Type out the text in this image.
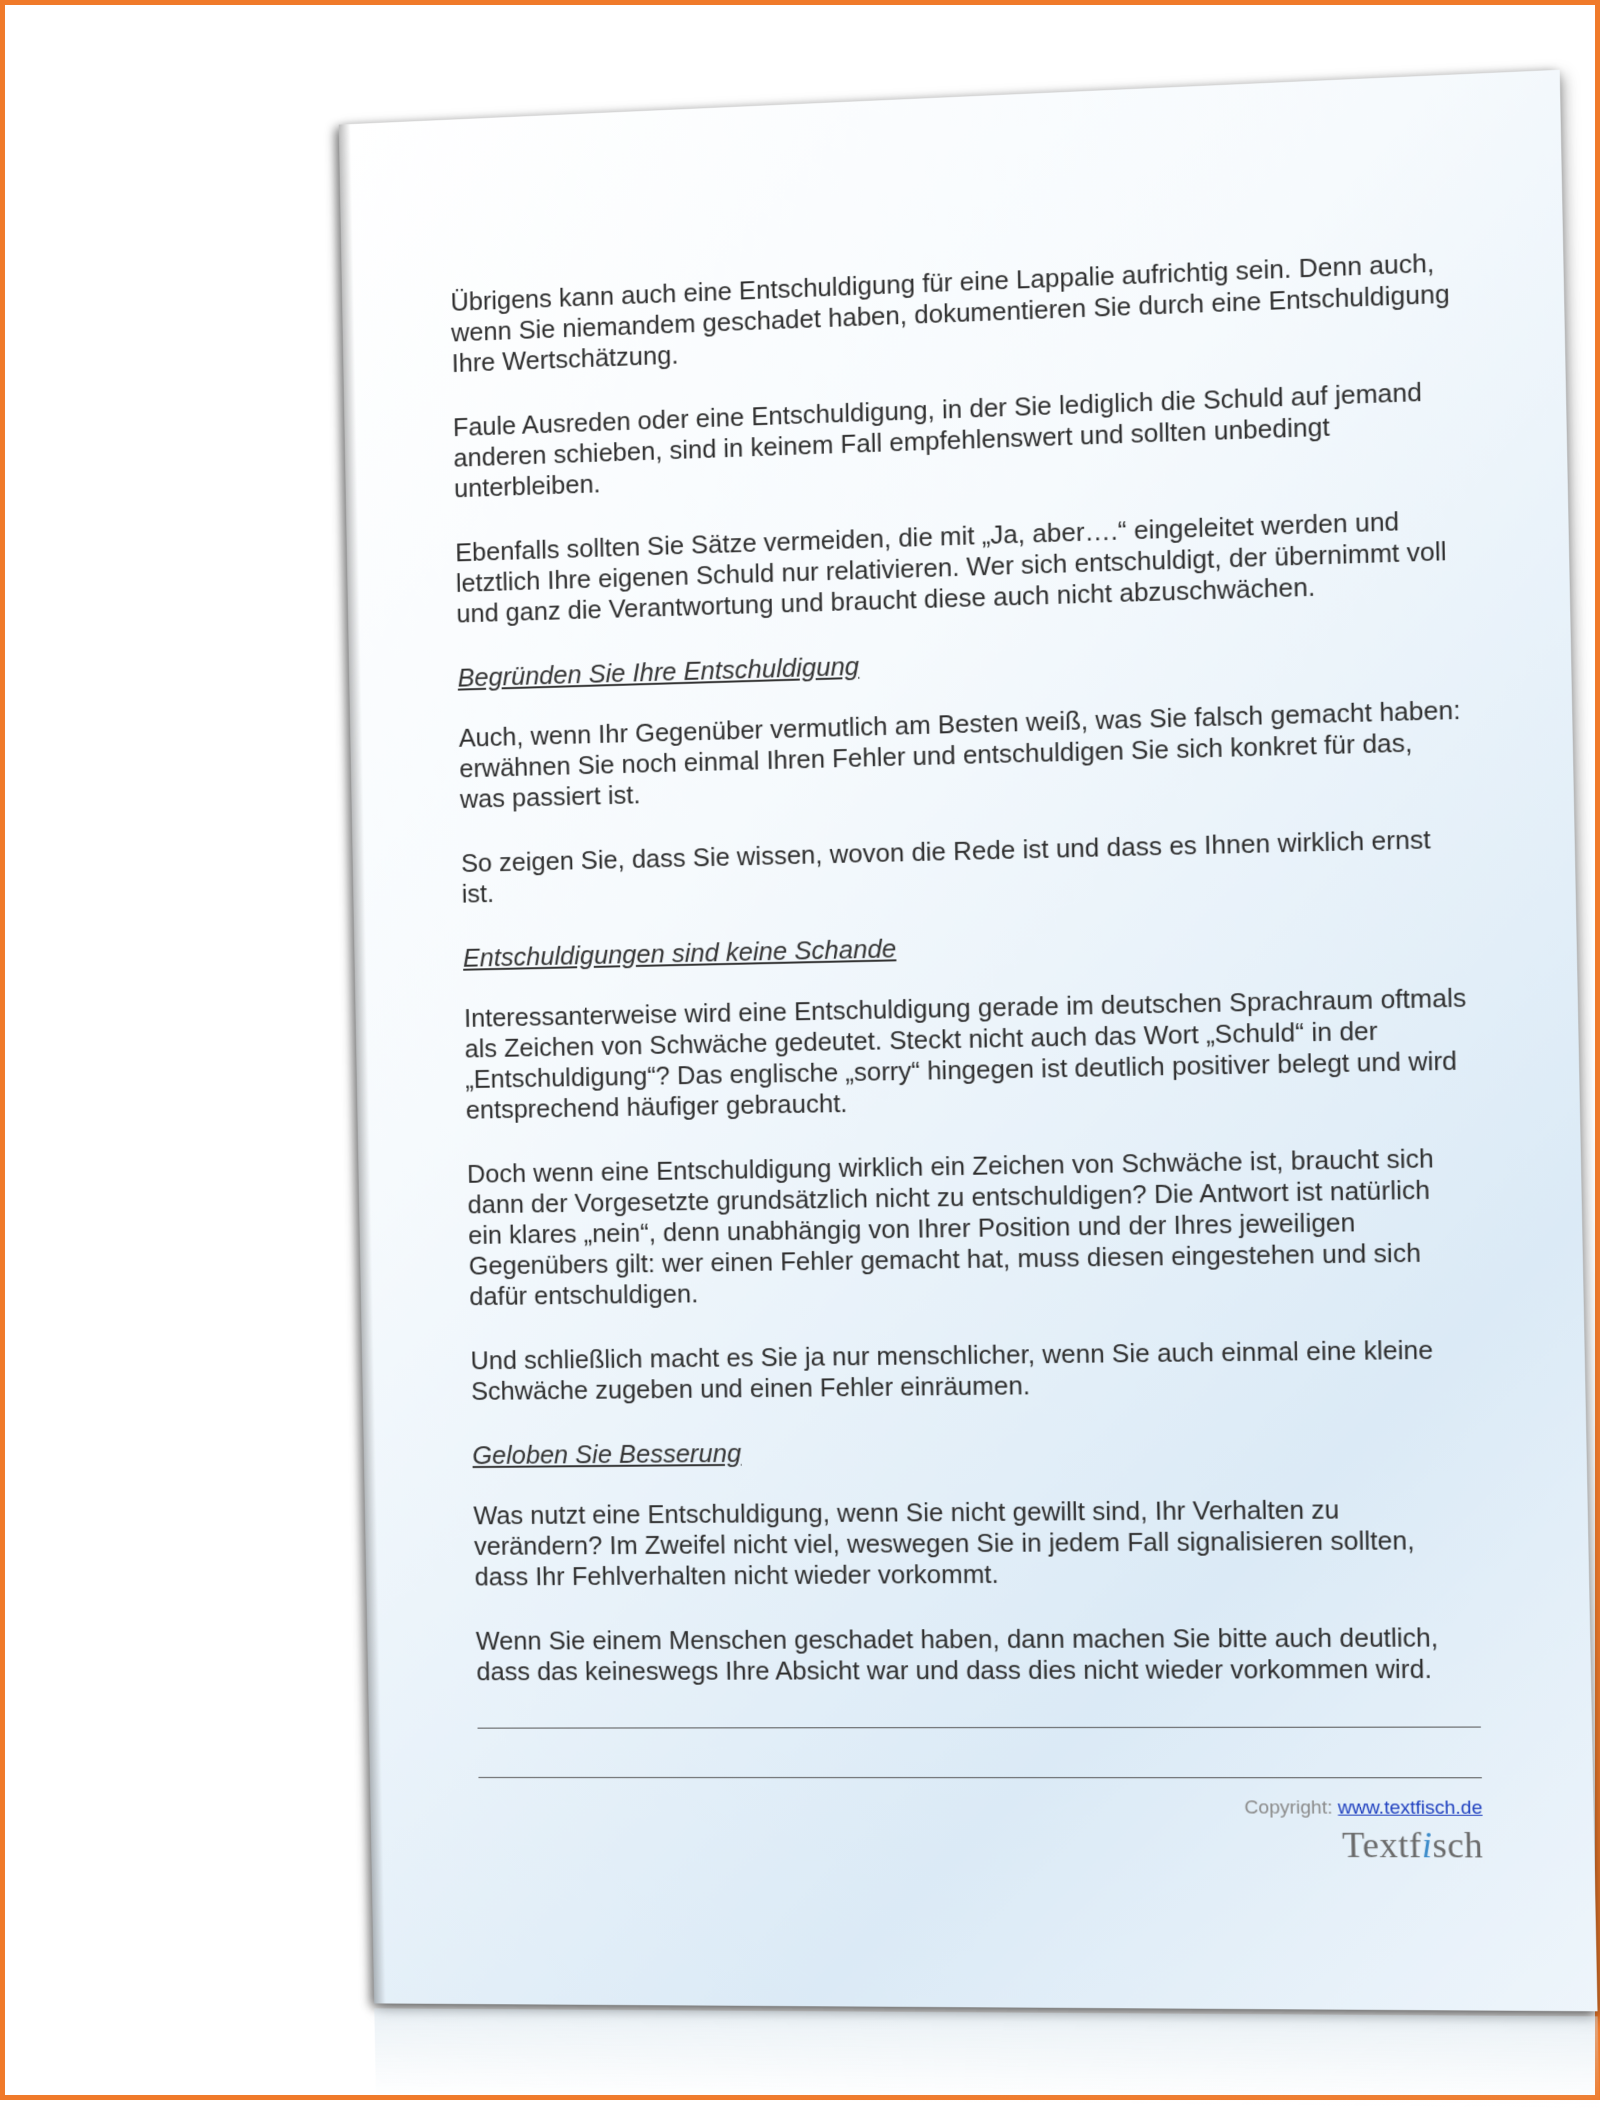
Übrigens kann auch eine Entschuldigung für eine Lappalie aufrichtig sein. Denn auch, wenn Sie niemandem geschadet haben, dokumentieren Sie durch eine Entschuldigung Ihre Wertschätzung.

Faule Ausreden oder eine Entschuldigung, in der Sie lediglich die Schuld auf jemand anderen schieben, sind in keinem Fall empfehlenswert und sollten unbedingt unterbleiben.

Ebenfalls sollten Sie Sätze vermeiden, die mit „Ja, aber….“ eingeleitet werden und letztlich Ihre eigenen Schuld nur relativieren. Wer sich entschuldigt, der übernimmt voll und ganz die Verantwortung und braucht diese auch nicht abzuschwächen.

Begründen Sie Ihre Entschuldigung

Auch, wenn Ihr Gegenüber vermutlich am Besten weiß, was Sie falsch gemacht haben: erwähnen Sie noch einmal Ihren Fehler und entschuldigen Sie sich konkret für das, was passiert ist.

So zeigen Sie, dass Sie wissen, wovon die Rede ist und dass es Ihnen wirklich ernst ist.

Entschuldigungen sind keine Schande

Interessanterweise wird eine Entschuldigung gerade im deutschen Sprachraum oftmals als Zeichen von Schwäche gedeutet. Steckt nicht auch das Wort „Schuld“ in der „Entschuldigung“? Das englische „sorry“ hingegen ist deutlich positiver belegt und wird entsprechend häufiger gebraucht.

Doch wenn eine Entschuldigung wirklich ein Zeichen von Schwäche ist, braucht sich dann der Vorgesetzte grundsätzlich nicht zu entschuldigen? Die Antwort ist natürlich ein klares „nein“, denn unabhängig von Ihrer Position und der Ihres jeweiligen Gegenübers gilt: wer einen Fehler gemacht hat, muss diesen eingestehen und sich dafür entschuldigen.

Und schließlich macht es Sie ja nur menschlicher, wenn Sie auch einmal eine kleine Schwäche zugeben und einen Fehler einräumen.

Geloben Sie Besserung

Was nutzt eine Entschuldigung, wenn Sie nicht gewillt sind, Ihr Verhalten zu verändern? Im Zweifel nicht viel, weswegen Sie in jedem Fall signalisieren sollten, dass Ihr Fehlverhalten nicht wieder vorkommt.

Wenn Sie einem Menschen geschadet haben, dann machen Sie bitte auch deutlich, dass das keineswegs Ihre Absicht war und dass dies nicht wieder vorkommen wird.

Copyright: www.textfisch.de
Textfisch
